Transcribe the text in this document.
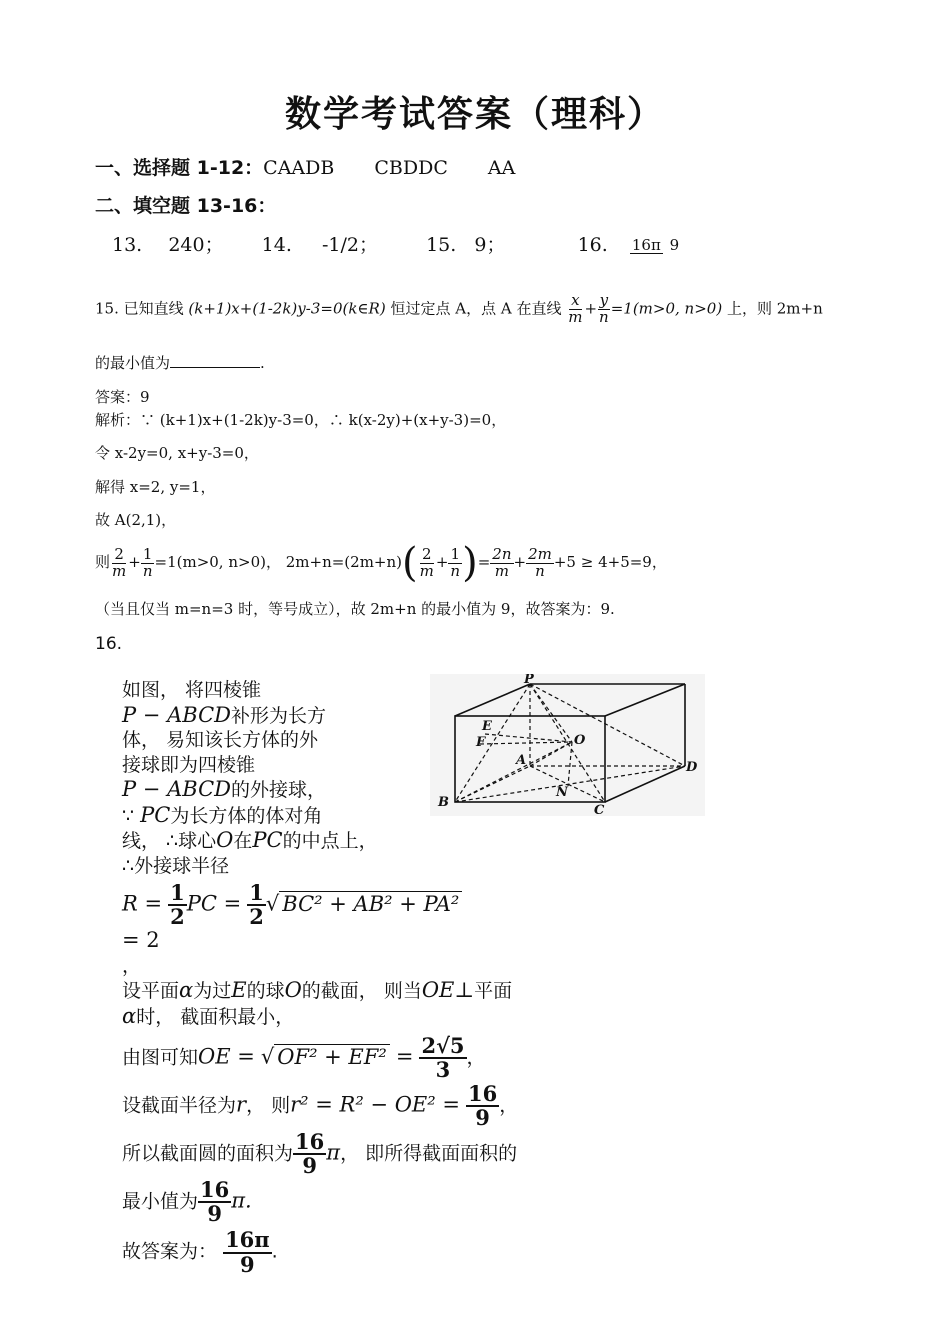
数学考试答案（理科）
一、选择题 1-12：CAADB CBDDC AA
二、填空题 13-16：
13. 240； 14. -1/2；	15. 9；	16. 16π 9
15. 已知直线 (k+1)x+(1-2k)y-3=0(k∈R) 恒过定点 A，点 A 在直线 $\frac{x}{m} + \frac{y}{n} =1(m>0$, n>0) 上，则 2m+n
的最小值为	.
答案：9
解析：∵ (k+1)x+(1-2k)y-3=0，∴ k(x-2y)+(x+y-3)=0，
令 x-2y=0, x+y-3=0，
解得 x=2, y=1，
故 A(2,1)，
则 $\frac{2}{m} + \frac{1}{n} =1(m>0$, n>0)， $2m+n=(2m+n)( \frac{2}{m} + \frac{1}{n}$ )= $\frac{2n}{m} + \frac{2m}{n} +5 \ge 4+5=9$，
（当且仅当 m=n=3 时，等号成立），故 2m+n 的最小值为 9，故答案为：9.
16.
如图， 将四棱锥
P − ABCD补形为长方
体， 易知该长方体的外
接球即为四棱锥
P − ABCD的外接球，
∵ PC为长方体的体对角
线， ∴球心O在PC的中点上，
∴外接球半径
$R = \frac{1}{2}$ PC = $\frac{1}{2}$ √ BC² + AB² + PA²
= 2
，
设平面α为过E的球O的截面， 则当OE⊥平面
α时， 截面积最小，
由图可知OE = √ $OF^2 + EF^2 = \frac{2√5}{3}$ ，
设截面半径为r， 则$r^2 = R^2 - OE^2 = \frac{16}{9}$ ，
所以截面圆的面积为 $\frac{16}{9}$ π， 即所得截面面积的
最小值为 $\frac{16}{9} \pi$.
故答案为： $\frac{16\pi}{9}$ .
P
E
F	O
A	D
B
N
C
